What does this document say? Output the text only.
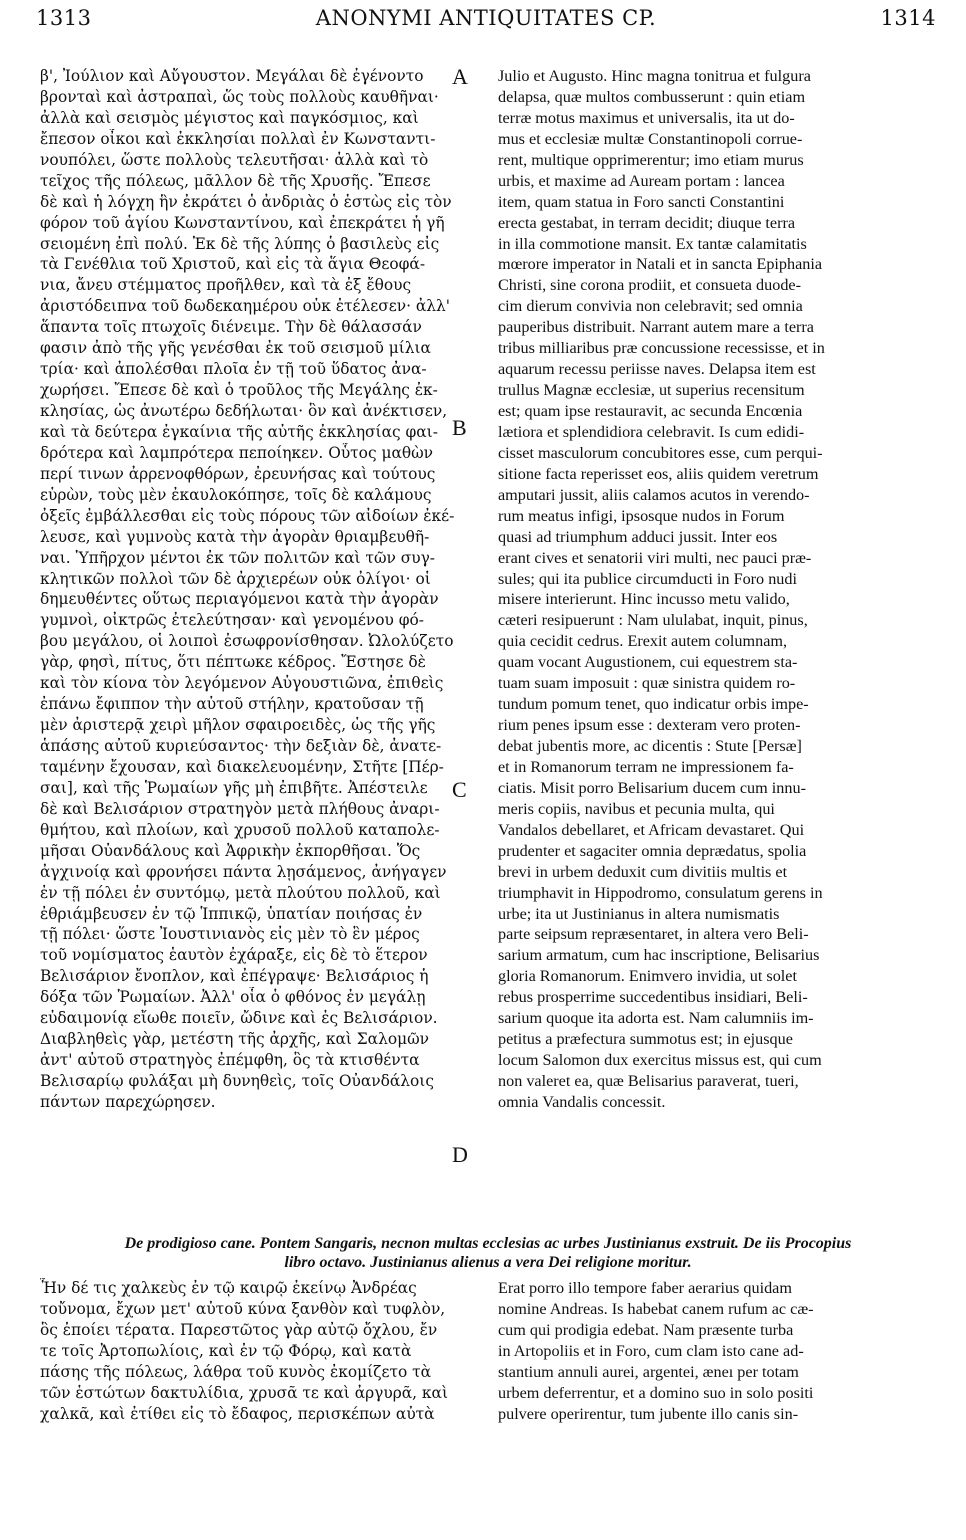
1313	ANONYMI ANTIQUITATES CP.	1314
β', Ἰούλιον καὶ Αὔγουστον. Μεγάλαι δὲ ἐγένοντο
βρονταὶ καὶ ἀστραπαὶ, ὥς τοὺς πολλοὺς καυθῆναι·
ἀλλὰ καὶ σεισμὸς μέγιστος καὶ παγκόσμιος, καὶ
ἔπεσον οἶκοι καὶ ἐκκλησίαι πολλαὶ ἐν Κωνσταντι-
νουπόλει, ὥστε πολλοὺς τελευτῆσαι· ἀλλὰ καὶ τὸ
τεῖχος τῆς πόλεως, μᾶλλον δὲ τῆς Χρυσῆς. Ἔπεσε
δὲ καὶ ἡ λόγχη ἣν ἐκράτει ὁ ἀνδριὰς ὁ ἑστὼς εἰς τὸν
φόρον τοῦ ἁγίου Κωνσταντίνου, καὶ ἐπεκράτει ἡ γῆ
σειομένη ἐπὶ πολύ. Ἐκ δὲ τῆς λύπης ὁ βασιλεὺς εἰς
τὰ Γενέθλια τοῦ Χριστοῦ, καὶ εἰς τὰ ἅγια Θεοφά-
νια, ἄνευ στέμματος προῆλθεν, καὶ τὰ ἐξ ἔθους
ἀριστόδειπνα τοῦ δωδεκαημέρου οὐκ ἐτέλεσεν· ἀλλ'
ἅπαντα τοῖς πτωχοῖς διένειμε. Τὴν δὲ θάλασσάν
φασιν ἀπὸ τῆς γῆς γενέσθαι ἐκ τοῦ σεισμοῦ μίλια
τρία· καὶ ἀπολέσθαι πλοῖα ἐν τῇ τοῦ ὕδατος ἀνα-
χωρήσει. Ἔπεσε δὲ καὶ ὁ τροῦλος τῆς Μεγάλης ἐκ-
κλησίας, ὡς ἀνωτέρω δεδήλωται· ὃν καὶ ἀνέκτισεν,
καὶ τὰ δεύτερα ἐγκαίνια τῆς αὐτῆς ἐκκλησίας φαι-
δρότερα καὶ λαμπρότερα πεποίηκεν. Οὗτος μαθὼν
περί τινων ἀρρενοφθόρων, ἐρευνήσας καὶ τούτους
εὑρὼν, τοὺς μὲν ἐκαυλοκόπησε, τοῖς δὲ καλάμους
ὀξεῖς ἐμβάλλεσθαι εἰς τοὺς πόρους τῶν αἰδοίων ἐκέ-
λευσε, καὶ γυμνοὺς κατὰ τὴν ἀγορὰν θριαμβευθῆ-
ναι. Ὑπῆρχον μέντοι ἐκ τῶν πολιτῶν καὶ τῶν συγ-
κλητικῶν πολλοὶ τῶν δὲ ἀρχιερέων οὐκ ὀλίγοι· οἱ
δημευθέντες οὕτως περιαγόμενοι κατὰ τὴν ἀγορὰν
γυμνοὶ, οἰκτρῶς ἐτελεύτησαν· καὶ γενομένου φό-
βου μεγάλου, οἱ λοιποὶ ἐσωφρονίσθησαν. Ὠλολύζετο
γὰρ, φησὶ, πίτυς, ὅτι πέπτωκε κέδρος. Ἔστησε δὲ
καὶ τὸν κίονα τὸν λεγόμενον Αὐγουστιῶνα, ἐπιθεὶς
ἐπάνω ἔφιππον τὴν αὐτοῦ στήλην, κρατοῦσαν τῇ
μὲν ἀριστερᾷ χειρὶ μῆλον σφαιροειδὲς, ὡς τῆς γῆς
ἁπάσης αὐτοῦ κυριεύσαντος· τὴν δεξιὰν δὲ, ἀνατε-
ταμένην ἔχουσαν, καὶ διακελευομένην, Στῆτε [Πέρ-
σαι], καὶ τῆς Ῥωμαίων γῆς μὴ ἐπιβῆτε. Ἀπέστειλε
δὲ καὶ Βελισάριον στρατηγὸν μετὰ πλήθους ἀναρι-
θμήτου, καὶ πλοίων, καὶ χρυσοῦ πολλοῦ καταπολε-
μῆσαι Οὐανδάλους καὶ Ἀφρικὴν ἐκπορθῆσαι. Ὅς
ἀγχινοίᾳ καὶ φρονήσει πάντα λῃσάμενος, ἀνήγαγεν
ἐν τῇ πόλει ἐν συντόμῳ, μετὰ πλούτου πολλοῦ, καὶ
ἐθριάμβευσεν ἐν τῷ Ἱππικῷ, ὑπατίαν ποιήσας ἐν
τῇ πόλει· ὥστε Ἰουστινιανὸς εἰς μὲν τὸ ἓν μέρος
τοῦ νομίσματος ἑαυτὸν ἐχάραξε, εἰς δὲ τὸ ἕτερον
Βελισάριον ἔνοπλον, καὶ ἐπέγραψε· Βελισάριος ἡ
δόξα τῶν Ῥωμαίων. Ἀλλ' οἷα ὁ φθόνος ἐν μεγάλῃ
εὐδαιμονίᾳ εἴωθε ποιεῖν, ὤδινε καὶ ἐς Βελισάριον.
Διαβληθεὶς γὰρ, μετέστη τῆς ἀρχῆς, καὶ Σαλομῶν
ἀντ' αὐτοῦ στρατηγὸς ἐπέμφθη, ὃς τὰ κτισθέντα
Βελισαρίῳ φυλάξαι μὴ δυνηθεὶς, τοῖς Οὐανδάλοις
πάντων παρεχώρησεν.
Julio et Augusto. Hinc magna tonitrua et fulgura
delapsa, quæ multos combusserunt : quin etiam
terræ motus maximus et universalis, ita ut do-
mus et ecclesiæ multæ Constantinopoli corrue-
rent, multique opprimerentur; imo etiam murus
urbis, et maxime ad Auream portam : lancea
item, quam statua in Foro sancti Constantini
erecta gestabat, in terram decidit; diuque terra
in illa commotione mansit. Ex tantæ calamitatis
mœrore imperator in Natali et in sancta Epiphania
Christi, sine corona prodiit, et consueta duode-
cim dierum convivia non celebravit; sed omnia
pauperibus distribuit. Narrant autem mare a terra
tribus milliaribus præ concussione recessisse, et in
aquarum recessu periisse naves. Delapsa item est
trullus Magnæ ecclesiæ, ut superius recensitum
est; quam ipse restauravit, ac secunda Encœnia
lætiora et splendidiora celebravit. Is cum edidi-
cisset masculorum concubitores esse, cum perqui-
sitione facta reperisset eos, aliis quidem veretrum
amputari jussit, aliis calamos acutos in verendo-
rum meatus infigi, ipsosque nudos in Forum
quasi ad triumphum adduci jussit. Inter eos
erant cives et senatorii viri multi, nec pauci præ-
sules; qui ita publice circumducti in Foro nudi
misere interierunt. Hinc incusso metu valido,
cæteri resipuerunt : Nam ululabat, inquit, pinus,
quia cecidit cedrus. Erexit autem columnam,
quam vocant Augustionem, cui equestrem sta-
tuam suam imposuit : quæ sinistra quidem ro-
tundum pomum tenet, quo indicatur orbis impe-
rium penes ipsum esse : dexteram vero proten-
debat jubentis more, ac dicentis : Stute [Persæ]
et in Romanorum terram ne impressionem fa-
ciatis. Misit porro Belisarium ducem cum innu-
meris copiis, navibus et pecunia multa, qui
Vandalos debellaret, et Africam devastaret. Qui
prudenter et sagaciter omnia deprædatus, spolia
brevi in urbem deduxit cum divitiis multis et
triumphavit in Hippodromo, consulatum gerens in
urbe; ita ut Justinianus in altera numismatis
parte seipsum repræsentaret, in altera vero Beli-
sarium armatum, cum hac inscriptione, Belisarius
gloria Romanorum. Enimvero invidia, ut solet
rebus prosperrime succedentibus insidiari, Beli-
sarium quoque ita adorta est. Nam calumniis im-
petitus a præfectura summotus est; in ejusque
locum Salomon dux exercitus missus est, qui cum
non valeret ea, quæ Belisarius paraverat, tueri,
omnia Vandalis concessit.
A
B
C
D
De prodigioso cane. Pontem Sangaris, necnon multas ecclesias ac urbes Justinianus exstruit. De iis Procopius
libro octavo. Justinianus alienus a vera Dei religione moritur.
Ἦν δέ τις χαλκεὺς ἐν τῷ καιρῷ ἐκείνῳ Ἀνδρέας
τοὔνομα, ἔχων μετ' αὐτοῦ κύνα ξανθὸν καὶ τυφλὸν,
ὃς ἐποίει τέρατα. Παρεστῶτος γὰρ αὐτῷ ὄχλου, ἔν
τε τοῖς Ἀρτοπωλίοις, καὶ ἐν τῷ Φόρῳ, καὶ κατὰ
πάσης τῆς πόλεως, λάθρα τοῦ κυνὸς ἐκομίζετο τὰ
τῶν ἑστώτων δακτυλίδια, χρυσᾶ τε καὶ ἀργυρᾶ, καὶ
χαλκᾶ, καὶ ἐτίθει εἰς τὸ ἔδαφος, περισκέπων αὐτὰ
Erat porro illo tempore faber aerarius quidam
nomine Andreas. Is habebat canem rufum ac cæ-
cum qui prodigia edebat. Nam præsente turba
in Artopoliis et in Foro, cum clam isto cane ad-
stantium annuli aurei, argentei, æneı per totam
urbem deferrentur, et a domino suo in solo positi
pulvere operirentur, tum jubente illo canis sin-
